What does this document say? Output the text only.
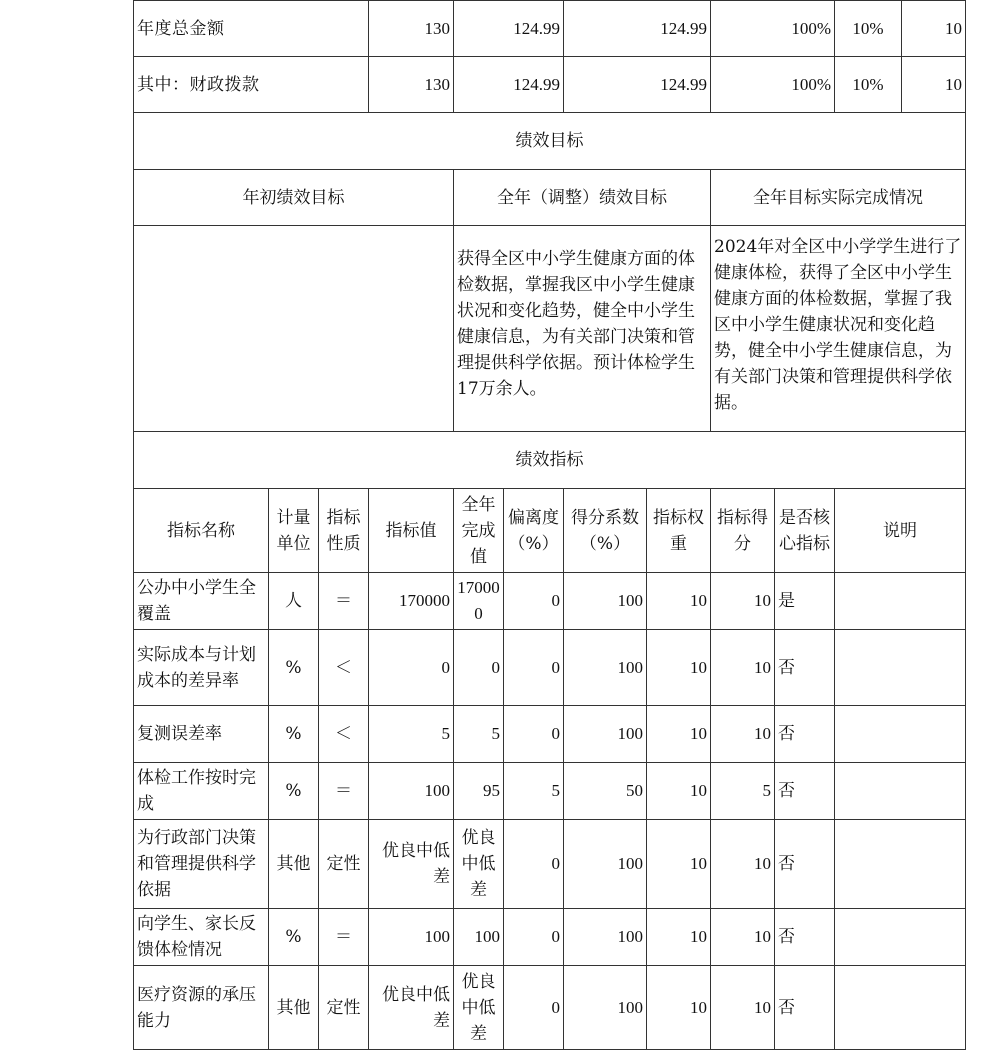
年度总金额			130	124.99		124.99		100%		10%	10
其中：财政拨款			130	124.99		124.99		100%		10%	10
绩效目标											
年初绩效目标				全年（调整）绩效目标				全年目标实际完成情况			
				获得全区中小学生健康方面的体检数据，掌握我区中小学生健康状况和变化趋势，健全中小学生健康信息，为有关部门决策和管理提供科学依据。预计体检学生17万余人。				2024年对全区中小学学生进行了健康体检，获得了全区中小学生健康方面的体检数据，掌握了我区中小学生健康状况和变化趋势，健全中小学生健康信息，为有关部门决策和管理提供科学依据。			
绩效指标											
指标名称	计量单位	指标性质	指标值	全年完成值	偏离度（%）	得分系数（%）	指标权重	指标得分	是否核心指标	说明	
公办中小学生全覆盖	人	＝	170000	170000	0	100	10	10	是		
实际成本与计划成本的差异率	%	＜	0	0	0	100	10	10	否		
复测误差率	%	＜	5	5	0	100	10	10	否		
体检工作按时完成	%	＝	100	95	5	50	10	5	否		
为行政部门决策和管理提供科学依据	其他	定性	优良中低差	优良中低差	0	100	10	10	否		
向学生、家长反馈体检情况	%	＝	100	100	0	100	10	10	否		
医疗资源的承压能力	其他	定性	优良中低差	优良中低差	0	100	10	10	否		
